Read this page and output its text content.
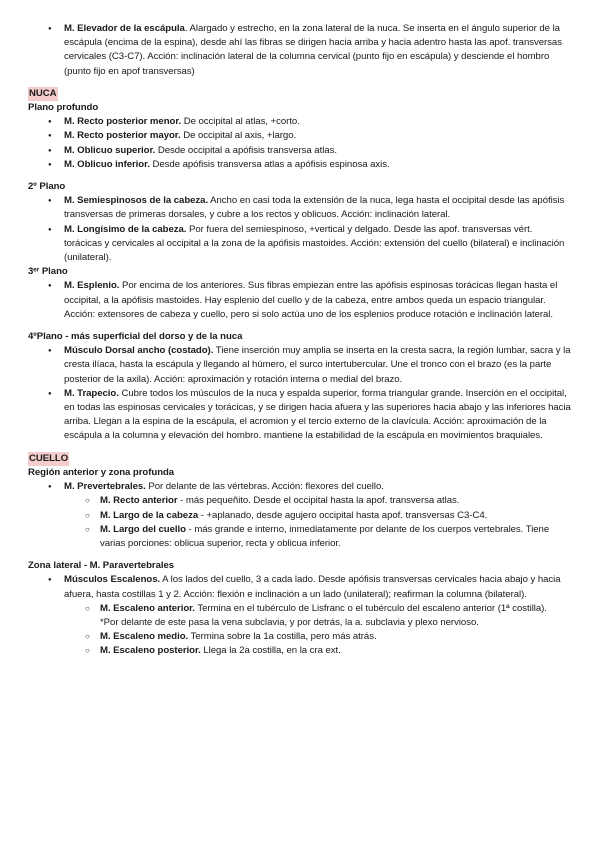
● M. Elevador de la escápula. Alargado y estrecho, en la zona lateral de la nuca. Se inserta en el ángulo superior de la escápula (encima de la espina), desde ahí las fibras se dirigen hacia arriba y hacia adentro hasta las apof. transversas cervicales (C3-C7). Acción: inclinación lateral de la columna cervical (punto fijo en escápula) y desciende el hombro (punto fijo en apof transversas)
NUCA
Plano profundo
● M. Recto posterior menor. De occipital al atlas, +corto.
● M. Recto posterior mayor. De occipital al axis, +largo.
● M. Oblicuo superior. Desde occipital a apófisis transversa atlas.
● M. Oblicuo inferior. Desde apófisis transversa atlas a apófisis espinosa axis.
2º Plano
● M. Semiespinosos de la cabeza. Ancho en casi toda la extensión de la nuca, lega hasta el occipital desde las apófisis transversas de primeras dorsales, y cubre a los rectos y oblicuos. Acción: inclinación lateral.
● M. Longísimo de la cabeza. Por fuera del semiespinoso, +vertical y delgado. Desde las apof. transversas vért. torácicas y cervicales al occipital a la zona de la apófisis mastoides. Acción: extensión del cuello (bilateral) e inclinación (unilateral).
3ᵉʳ Plano
● M. Esplenio. Por encima de los anteriores. Sus fibras empiezan entre las apófisis espinosas torácicas llegan hasta el occipital, a la apófisis mastoides. Hay esplenio del cuello y de la cabeza, entre ambos queda un espacio triangular. Acción: extensores de cabeza y cuello, pero si solo actúa uno de los esplenios produce rotación e inclinación lateral.
4ºPlano - más superficial del dorso y de la nuca
● Músculo Dorsal ancho (costado). Tiene inserción muy amplia se inserta en la cresta sacra, la región lumbar, sacra y la cresta ilíaca, hasta la escápula y llegando al húmero, el surco intertubercular. Une el tronco con el brazo (es la parte posterior de la axila). Acción: aproximación y rotación interna o medial del brazo.
● M. Trapecio. Cubre todos los músculos de la nuca y espalda superior, forma triangular grande. Inserción en el occipital, en todas las espinosas cervicales y torácicas, y se dirigen hacia afuera y las superiores hacia abajo y las inferiores hacia arriba. Llegan a la espina de la escápula, el acromion y el tercio externo de la clavícula. Acción: aproximación de la escápula a la columna y elevación del hombro. mantiene la estabilidad de la escápula en movimientos braquiales.
CUELLO
Región anterior y zona profunda
● M. Prevertebrales. Por delante de las vértebras. Acción: flexores del cuello.
○ M. Recto anterior - más pequeñito. Desde el occipital hasta la apof. transversa atlas.
○ M. Largo de la cabeza - +aplanado, desde agujero occipital hasta apof. transversas C3-C4.
○ M. Largo del cuello - más grande e interno, inmediatamente por delante de los cuerpos vertebrales. Tiene varias porciones: oblicua superior, recta y oblicua inferior.
Zona lateral - M. Paravertebrales
● Músculos Escalenos. A los lados del cuello, 3 a cada lado. Desde apófisis transversas cervicales hacia abajo y hacia afuera, hasta costillas 1 y 2. Acción: flexión e inclinación a un lado (unilateral); reafirman la columna (bilateral).
○ M. Escaleno anterior. Termina en el tubérculo de Lisfranc o el tubérculo del escaleno anterior (1ª costilla).
*Por delante de este pasa la vena subclavia, y por detrás, la a. subclavia y plexo nervioso.
○ M. Escaleno medio. Termina sobre la 1a costilla, pero más atrás.
○ M. Escaleno posterior. Llega la 2a costilla, en la cra ext.
